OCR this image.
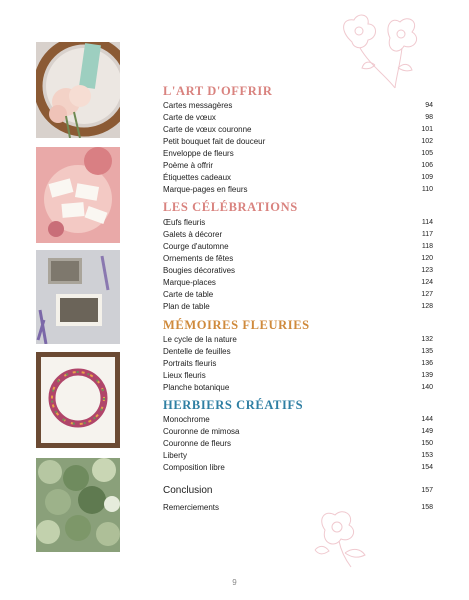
L'ART D'OFFRIR
Cartes messagères	94
Carte de vœux	98
Carte de vœux couronne	101
Petit bouquet fait de douceur	102
Enveloppe de fleurs	105
Poème à offrir	106
Étiquettes cadeaux	109
Marque-pages en fleurs	110
LES CÉLÉBRATIONS
Œufs fleuris	114
Galets à décorer	117
Courge d'automne	118
Ornements de fêtes	120
Bougies décoratives	123
Marque-places	124
Carte de table	127
Plan de table	128
MÉMOIRES FLEURIES
Le cycle de la nature	132
Dentelle de feuilles	135
Portraits fleuris	136
Lieux fleuris	139
Planche botanique	140
HERBIERS CRÉATIFS
Monochrome	144
Couronne de mimosa	149
Couronne de fleurs	150
Liberty	153
Composition libre	154
Conclusion	157
Remerciements	158
9
